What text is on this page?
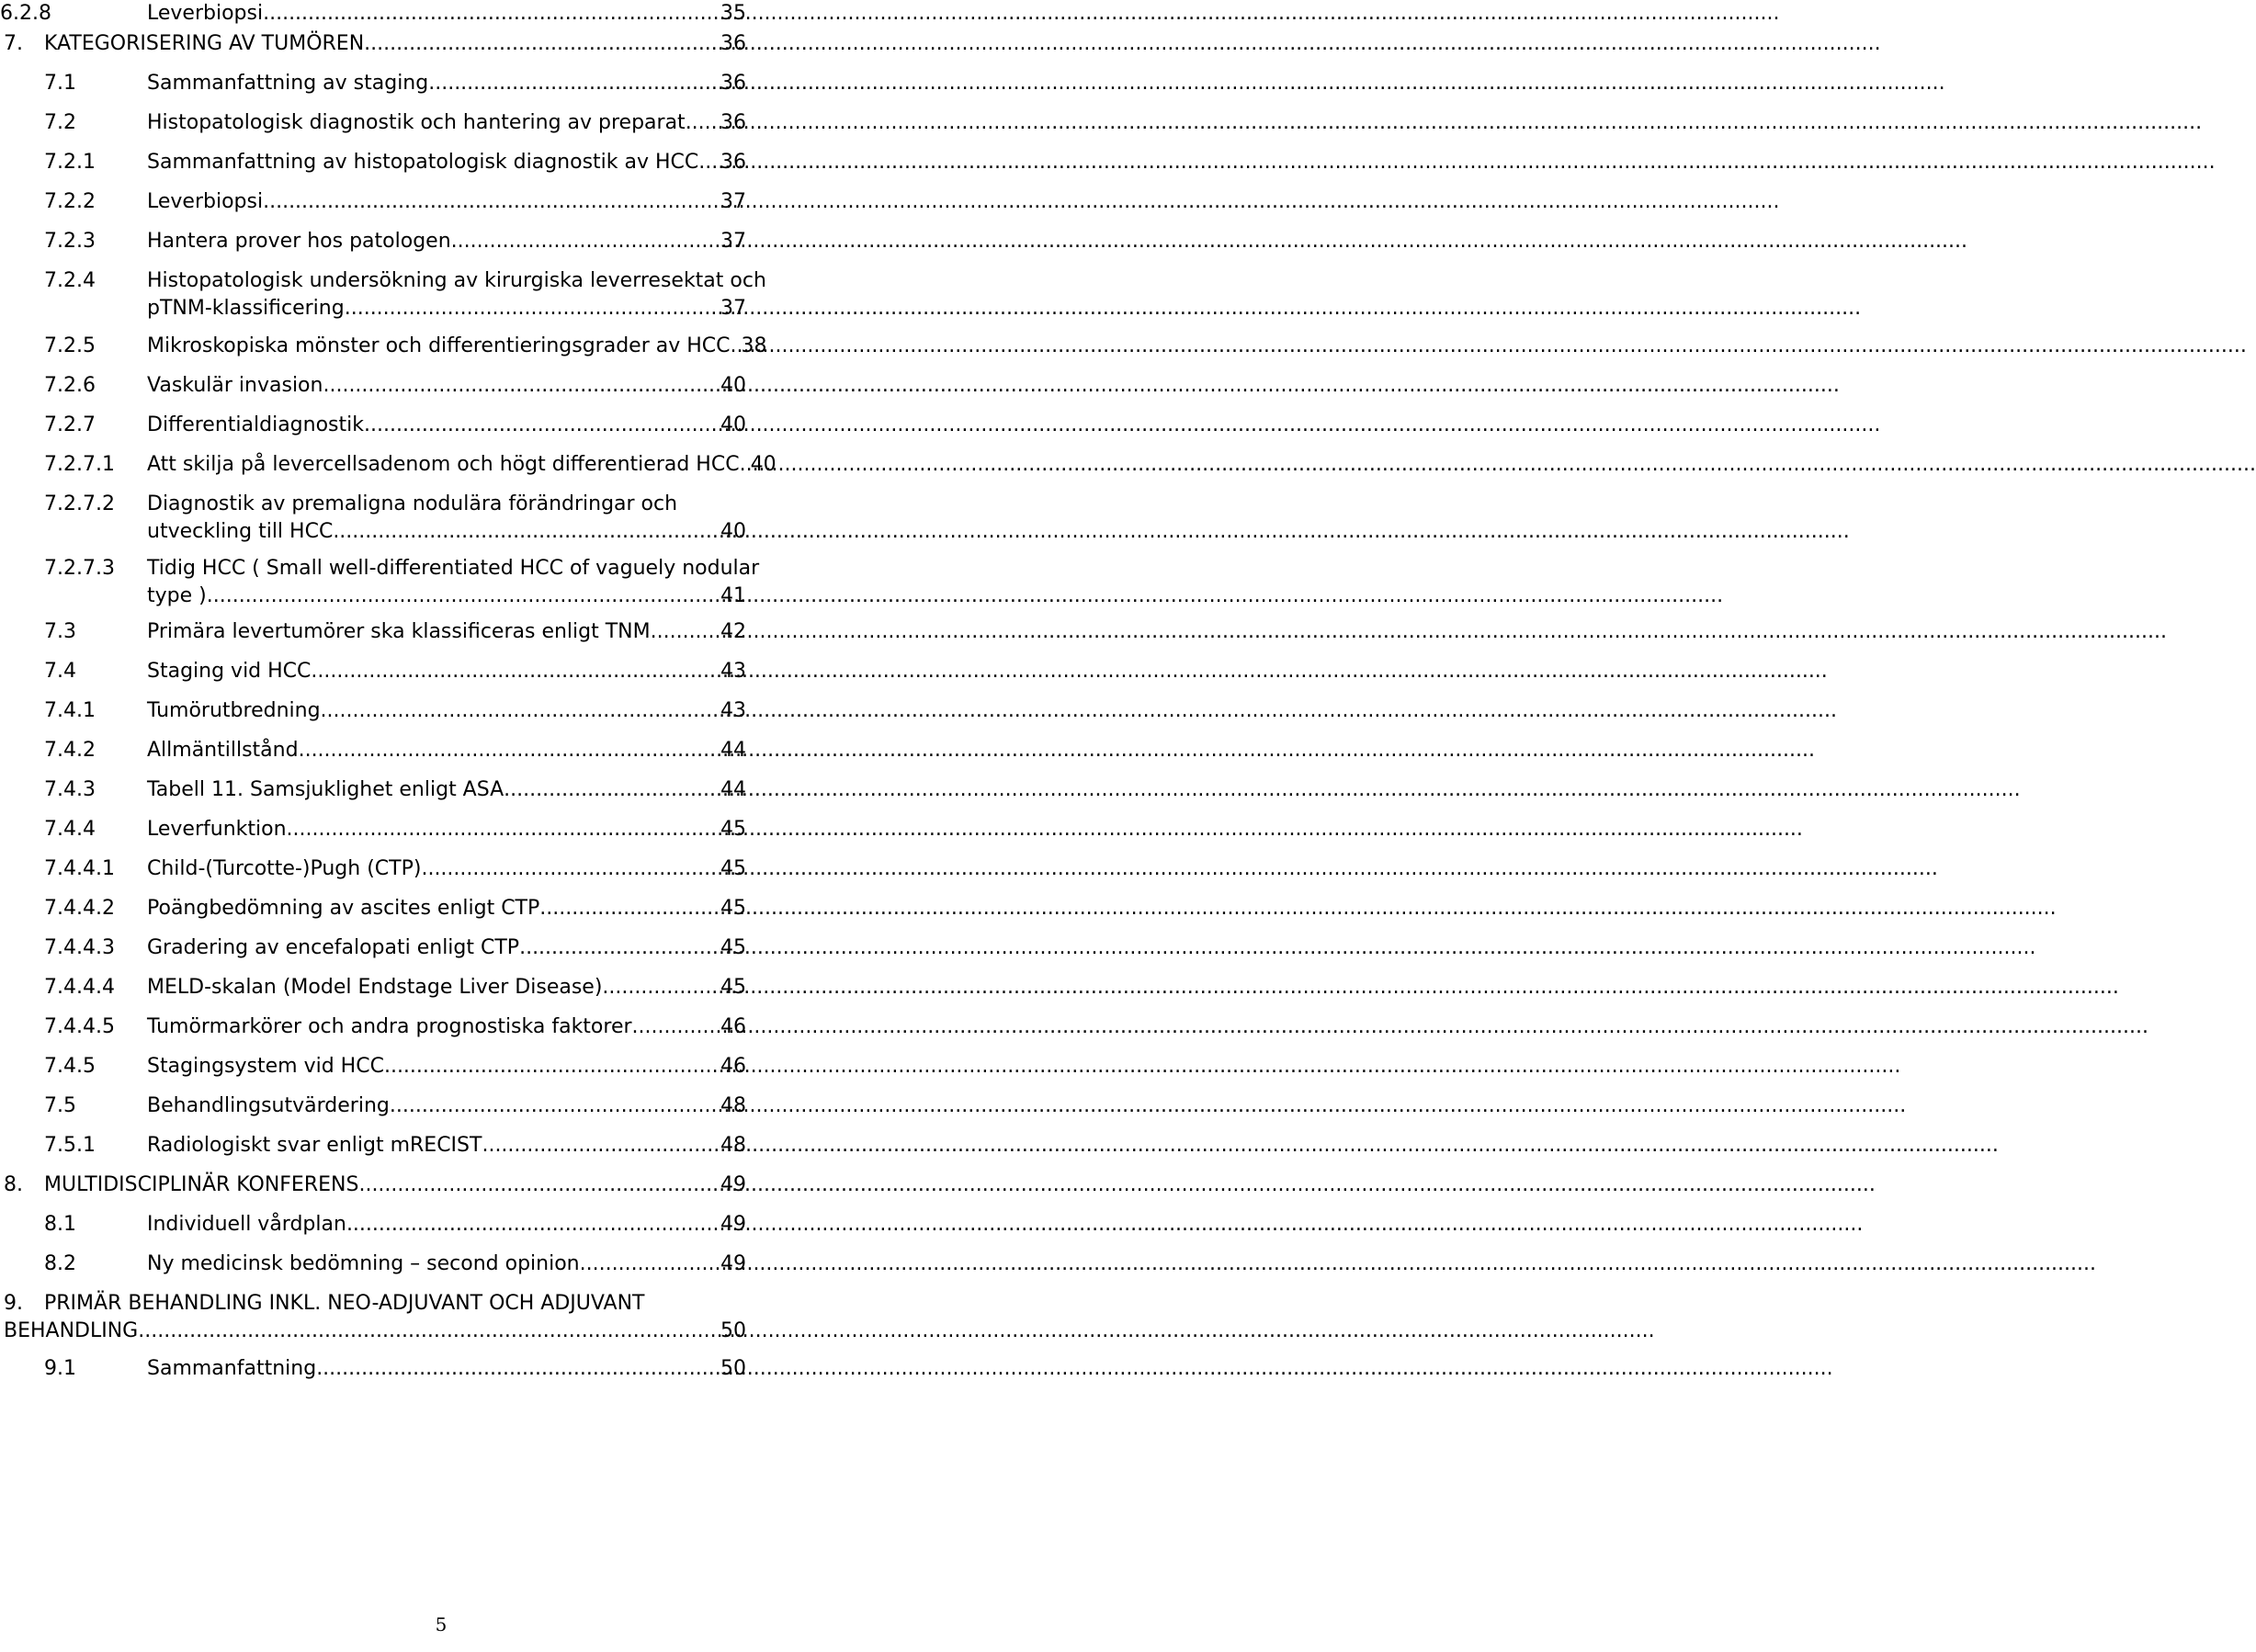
6.2.8	Leverbiopsi .....	35
7. KATEGORISERING AV TUMÖREN .....	36
7.1	Sammanfattning av staging .....	36
7.2	Histopatologisk diagnostik och hantering av preparat ..... 36
7.2.1	Sammanfattning av histopatologisk diagnostik av HCC ..... 36
7.2.2	Leverbiopsi .....	37
7.2.3	Hantera prover hos patologen .....	37
7.2.4	Histopatologisk undersökning av kirurgiska leverresektat och
pTNM-klassificering .....	37
7.2.5	Mikroskopiska mönster och differentieringsgrader av HCC ..... 38
7.2.6	Vaskulär invasion .....	40
7.2.7	Differentialdiagnostik .....	40
7.2.7.1 Att skilja på levercellsadenom och högt differentierad HCC ..... 40
7.2.7.2	Diagnostik av premaligna nodulära förändringar och
utveckling till HCC .....	40
7.2.7.3	Tidig HCC ( Small well-differentiated HCC of vaguely nodular
type ) .....	41
7.3	Primära levertumörer ska klassificeras enligt TNM .....	42
7.4	Staging vid HCC .....	43
7.4.1	Tumörutbredning .....	43
7.4.2	Allmäntillstånd .....	44
7.4.3	Tabell 11. Samsjuklighet enligt ASA .....	44
7.4.4	Leverfunktion .....	45
7.4.4.1 Child-(Turcotte-)Pugh (CTP) .....	45
7.4.4.2 Poängbedömning av ascites enligt CTP .....	45
7.4.4.3 Gradering av encefalopati enligt CTP .....	45
7.4.4.4 MELD-skalan (Model Endstage Liver Disease) .....	45
7.4.4.5 Tumörmarkörer och andra prognostiska faktorer .....	46
7.4.5	Stagingsystem vid HCC .....	46
7.5	Behandlingsutvärdering .....	48
7.5.1	Radiologiskt svar enligt mRECIST .....	48
8. MULTIDISCIPLINÄR KONFERENS .....	49
8.1	Individuell vårdplan .....	49
8.2	Ny medicinsk bedömning – second opinion .....	49
9.	PRIMÄR BEHANDLING INKL. NEO-ADJUVANT OCH ADJUVANT
BEHANDLING .....	50
9.1	Sammanfattning .....	50
5
